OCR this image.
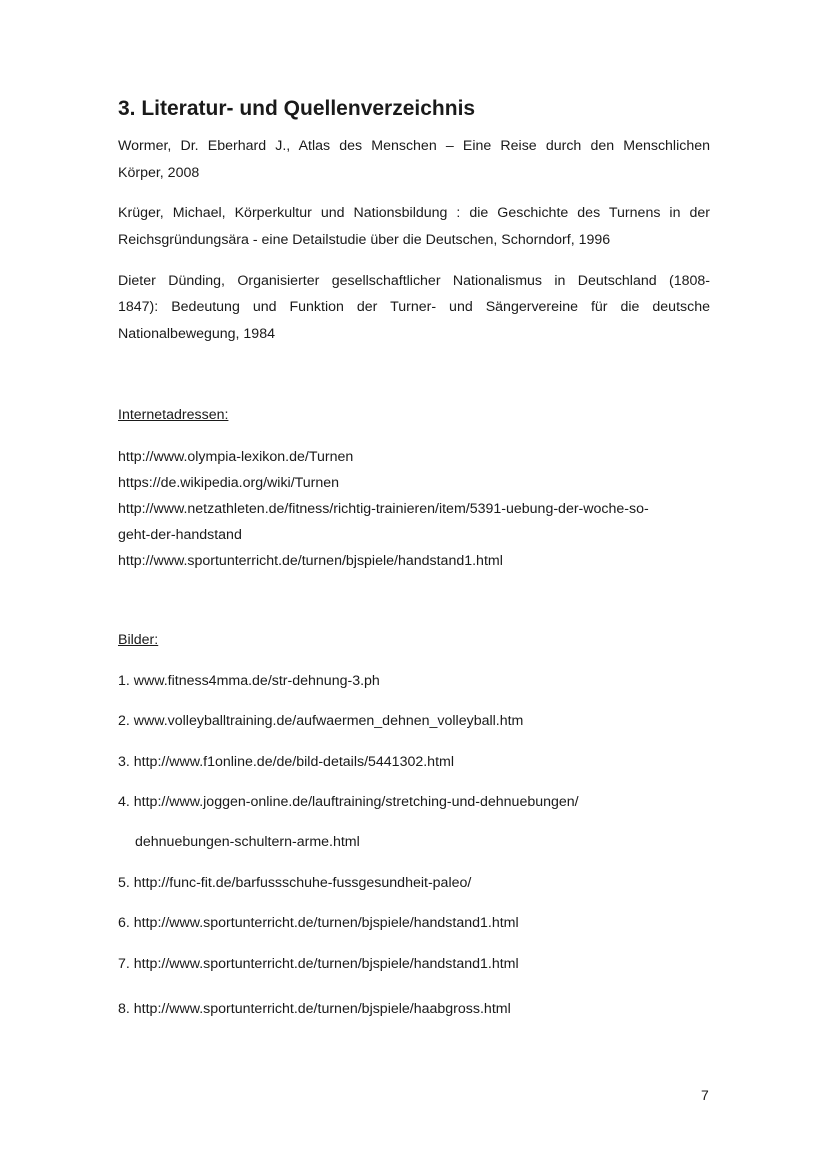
3. Literatur- und Quellenverzeichnis

Wormer, Dr. Eberhard J., Atlas des Menschen – Eine Reise durch den Menschlichen

Körper, 2008

Krüger, Michael, Körperkultur und Nationsbildung : die Geschichte des Turnens in der

Reichsgründungsära - eine Detailstudie über die Deutschen, Schorndorf, 1996

Dieter Dünding, Organisierter gesellschaftlicher Nationalismus in Deutschland (1808-

1847): Bedeutung und Funktion der Turner- und Sängervereine für die deutsche

Nationalbewegung, 1984

Internetadressen:

http://www.olympia-lexikon.de/Turnen

https://de.wikipedia.org/wiki/Turnen

http://www.netzathleten.de/fitness/richtig-trainieren/item/5391-uebung-der-woche-so-

geht-der-handstand

http://www.sportunterricht.de/turnen/bjspiele/handstand1.html

Bilder:

1. www.fitness4mma.de/str-dehnung-3.ph

2. www.volleyballtraining.de/aufwaermen_dehnen_volleyball.htm

3. http://www.f1online.de/de/bild-details/5441302.html

4. http://www.joggen-online.de/lauftraining/stretching-und-dehnuebungen/

dehnuebungen-schultern-arme.html

5. http://func-fit.de/barfussschuhe-fussgesundheit-paleo/

6. http://www.sportunterricht.de/turnen/bjspiele/handstand1.html

7. http://www.sportunterricht.de/turnen/bjspiele/handstand1.html

8. http://www.sportunterricht.de/turnen/bjspiele/haabgross.html

7
